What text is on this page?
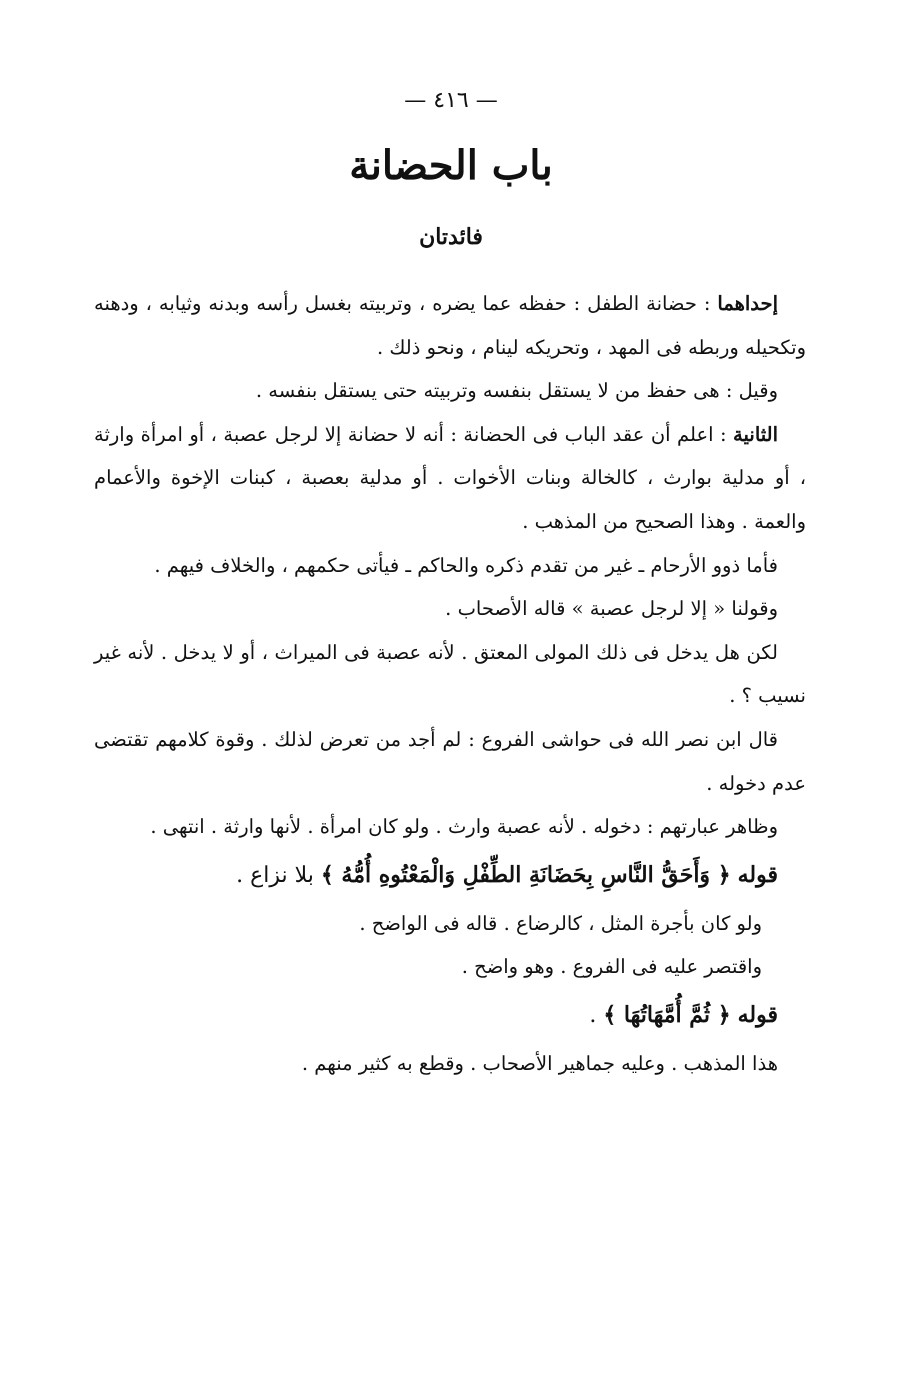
— ٤١٦ —
باب الحضانة
فائدتان

إحداهما : حضانة الطفل : حفظه عما يضره ، وتربيته بغسل رأسه وبدنه وثيابه ، ودهنه وتكحيله وربطه فى المهد ، وتحريكه لينام ، ونحو ذلك .

وقيل : هى حفظ من لا يستقل بنفسه وتربيته حتى يستقل بنفسه .

الثانية : اعلم أن عقد الباب فى الحضانة : أنه لا حضانة إلا لرجل عصبة ، أو امرأة وارثة ، أو مدلية بوارث ، كالخالة وبنات الأخوات . أو مدلية بعصبة ، كبنات الإخوة والأعمام والعمة . وهذا الصحيح من المذهب .

فأما ذوو الأرحام ـ غير من تقدم ذكره والحاكم ـ فيأتى حكمهم ، والخلاف فيهم .

وقولنا « إلا لرجل عصبة » قاله الأصحاب .

لكن هل يدخل فى ذلك المولى المعتق . لأنه عصبة فى الميراث ، أو لا يدخل . لأنه غير نسيب ؟ .

قال ابن نصر الله فى حواشى الفروع : لم أجد من تعرض لذلك . وقوة كلامهم تقتضى عدم دخوله .

وظاهر عبارتهم : دخوله . لأنه عصبة وارث . ولو كان امرأة . لأنها وارثة . انتهى .

قوله ﴿ وَأَحَقُّ النَّاسِ بِحَضَانَةِ الطِّفْلِ وَالْمَعْتُوهِ أُمُّهُ ﴾ بلا نزاع .

ولو كان بأجرة المثل ، كالرضاع . قاله فى الواضح .

واقتصر عليه فى الفروع . وهو واضح .

قوله ﴿ ثُمَّ أُمَّهَاتُهَا ﴾ .

هذا المذهب . وعليه جماهير الأصحاب . وقطع به كثير منهم .
